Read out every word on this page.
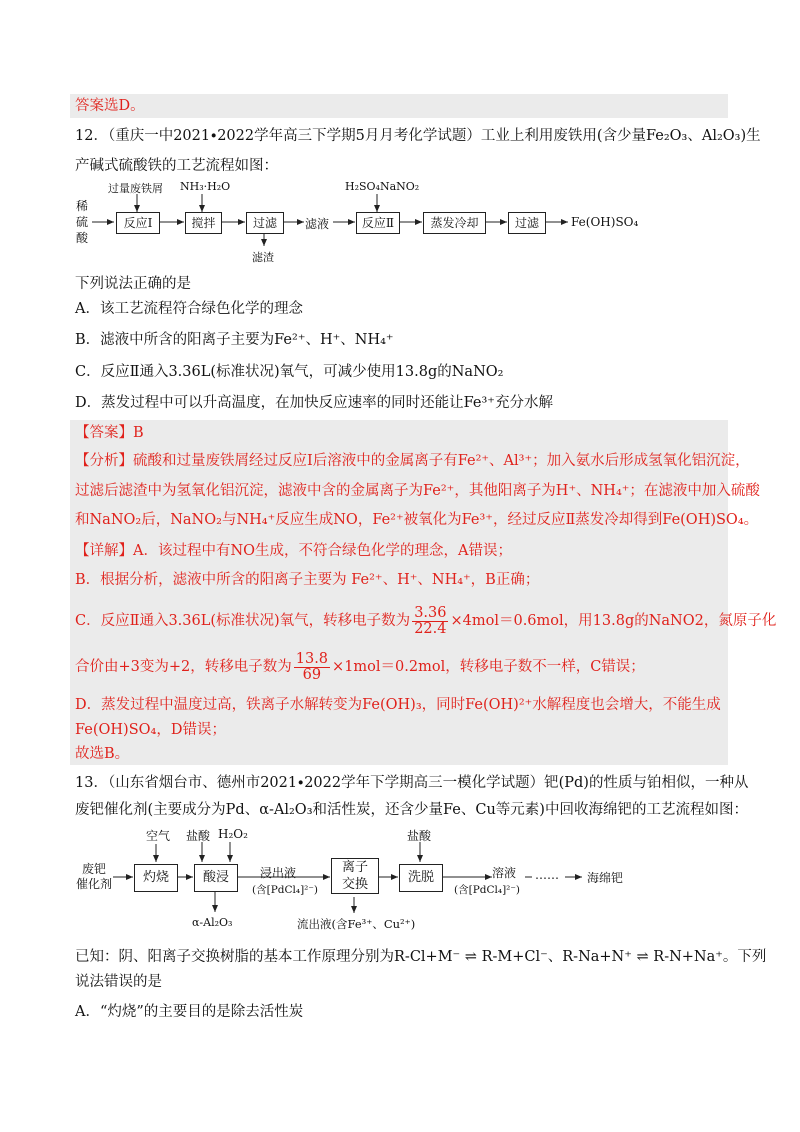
答案选D。
12．（重庆一中2021∙2022学年高三下学期5月月考化学试题）工业上利用废铁用(含少量Fe₂O₃、Al₂O₃)生
产碱式硫酸铁的工艺流程如图：
稀
硫
酸
过量废铁屑 NH₃·H₂O	H₂SO₄NaNO₂
反应Ⅰ	搅拌	过滤	滤液	反应Ⅱ	蒸发冷却	过滤	Fe(OH)SO₄
滤渣
下列说法正确的是
A．该工艺流程符合绿色化学的理念
B．滤液中所含的阳离子主要为Fe²⁺、H⁺、NH₄⁺
C．反应Ⅱ通入3.36L(标准状况)氧气，可减少使用13.8g的NaNO₂
D．蒸发过程中可以升高温度，在加快反应速率的同时还能让Fe³⁺充分水解
【答案】B
【分析】硫酸和过量废铁屑经过反应Ⅰ后溶液中的金属离子有Fe²⁺、Al³⁺；加入氨水后形成氢氧化铝沉淀，
过滤后滤渣中为氢氧化铝沉淀，滤液中含的金属离子为Fe²⁺，其他阳离子为H⁺、NH₄⁺；在滤液中加入硫酸
和NaNO₂后，NaNO₂与NH₄⁺反应生成NO，Fe²⁺被氧化为Fe³⁺，经过反应Ⅱ蒸发冷却得到Fe(OH)SO₄。
【详解】A．该过程中有NO生成，不符合绿色化学的理念，A错误；
B．根据分析，滤液中所含的阳离子主要为 Fe²⁺、H⁺、NH₄⁺，B正确；
C．反应Ⅱ通入3.36L(标准状况)氧气，转移电子数为 $\frac{3.36}{22.4} \times 4mol=0.6mol$，用13.8g的NaNO2，氮原子化
合价由+3变为+2，转移电子数为 $\frac{13.8}{69} \times 1mol=0.2mol$，转移电子数不一样，C错误；
D．蒸发过程中温度过高，铁离子水解转变为Fe(OH)₃，同时Fe(OH)²⁺水解程度也会增大，不能生成
Fe(OH)SO₄，D错误；
故选B。
13．（山东省烟台市、德州市2021∙2022学年下学期高三一模化学试题）钯(Pd)的性质与铂相似，一种从
废钯催化剂(主要成分为Pd、α-Al₂O₃和活性炭，还含少量Fe、Cu等元素)中回收海绵钯的工艺流程如图：
废钯
催化剂
空气 盐酸 H₂O₂	盐酸
灼烧	酸浸	浸出液
(含[PdCl₄]²⁻)
离子
交换	洗脱	溶液
(含[PdCl₄]²⁻)
…… 海绵钯
α-Al₂O₃	流出液(含Fe³⁺、Cu²⁺)
已知：阴、阳离子交换树脂的基本工作原理分别为R-Cl+M⁻ ⇌ R-M+Cl⁻、R-Na+N⁺ ⇌ R-N+Na⁺。下列
说法错误的是
A．“灼烧”的主要目的是除去活性炭
